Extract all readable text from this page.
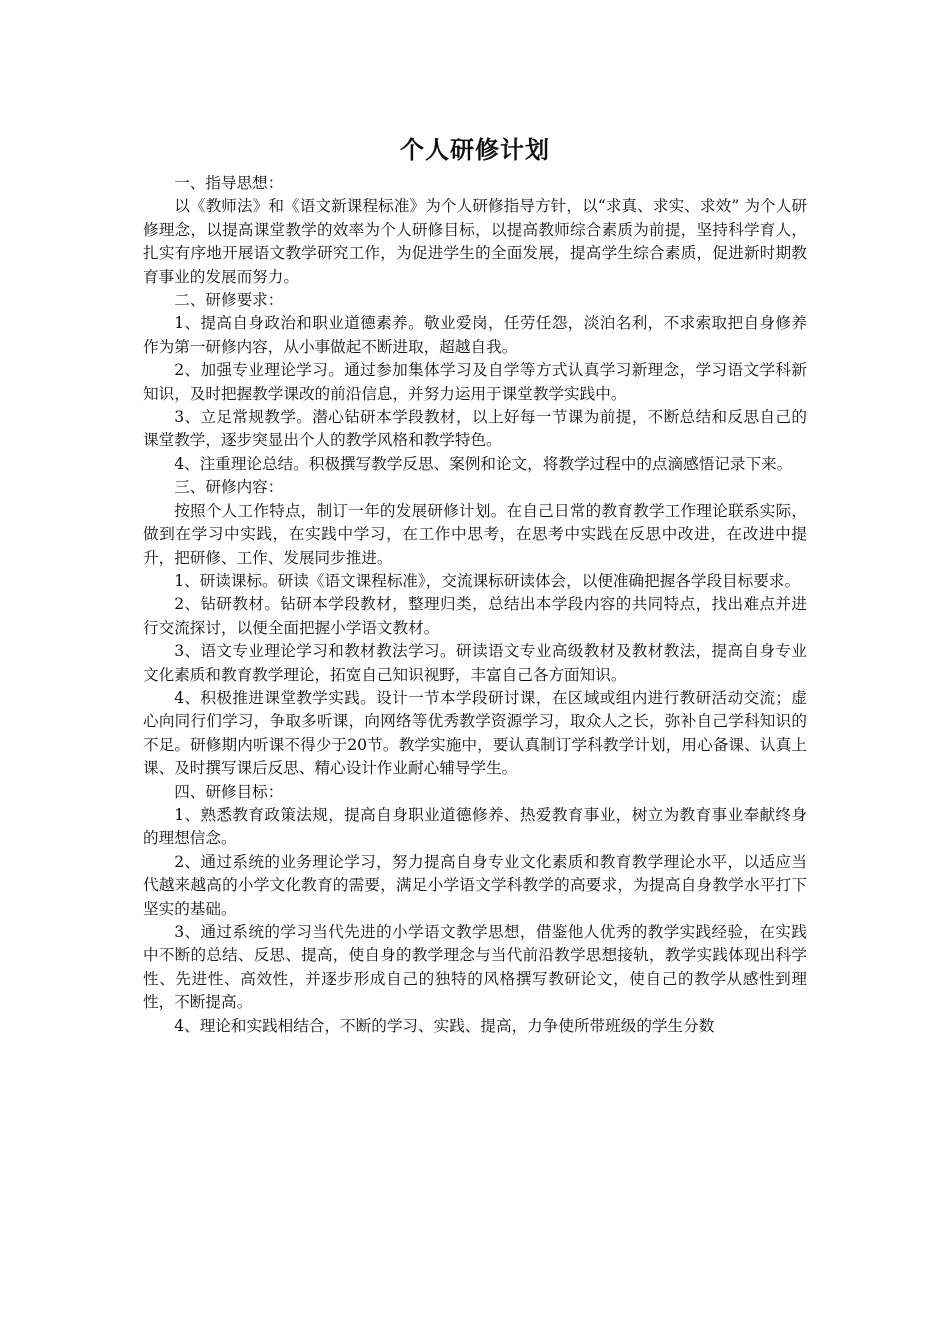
个人研修计划

一、指导思想：

以《教师法》和《语文新课程标准》为个人研修指导方针，以“求真、求实、求效” 为个人研修理念，以提高课堂教学的效率为个人研修目标，以提高教师综合素质为前提，坚持科学育人，扎实有序地开展语文教学研究工作，为促进学生的全面发展，提高学生综合素质，促进新时期教育事业的发展而努力。

二、研修要求：

1、提高自身政治和职业道德素养。敬业爱岗，任劳任怨，淡泊名利，不求索取把自身修养作为第一研修内容，从小事做起不断进取，超越自我。

2、加强专业理论学习。通过参加集体学习及自学等方式认真学习新理念，学习语文学科新知识，及时把握教学课改的前沿信息，并努力运用于课堂教学实践中。

3、立足常规教学。潜心钻研本学段教材，以上好每一节课为前提，不断总结和反思自己的课堂教学，逐步突显出个人的教学风格和教学特色。

4、注重理论总结。积极撰写教学反思、案例和论文，将教学过程中的点滴感悟记录下来。

三、研修内容：

按照个人工作特点，制订一年的发展研修计划。在自己日常的教育教学工作理论联系实际，做到在学习中实践，在实践中学习，在工作中思考，在思考中实践在反思中改进，在改进中提升，把研修、工作、发展同步推进。

1、研读课标。研读《语文课程标准》，交流课标研读体会，以便准确把握各学段目标要求。

2、钻研教材。钻研本学段教材，整理归类，总结出本学段内容的共同特点，找出难点并进行交流探讨，以便全面把握小学语文教材。

3、语文专业理论学习和教材教法学习。研读语文专业高级教材及教材教法，提高自身专业文化素质和教育教学理论，拓宽自己知识视野，丰富自己各方面知识。

4、积极推进课堂教学实践。设计一节本学段研讨课，在区域或组内进行教研活动交流；虚心向同行们学习，争取多听课，向网络等优秀教学资源学习，取众人之长，弥补自己学科知识的不足。研修期内听课不得少于20节。教学实施中，要认真制订学科教学计划，用心备课、认真上课、及时撰写课后反思、精心设计作业耐心辅导学生。

四、研修目标：

1、熟悉教育政策法规，提高自身职业道德修养、热爱教育事业，树立为教育事业奉献终身的理想信念。

2、通过系统的业务理论学习，努力提高自身专业文化素质和教育教学理论水平，以适应当代越来越高的小学文化教育的需要，满足小学语文学科教学的高要求，为提高自身教学水平打下坚实的基础。

3、通过系统的学习当代先进的小学语文教学思想，借鉴他人优秀的教学实践经验，在实践中不断的总结、反思、提高，使自身的教学理念与当代前沿教学思想接轨，教学实践体现出科学性、先进性、高效性，并逐步形成自己的独特的风格撰写教研论文，使自己的教学从感性到理性，不断提高。

4、理论和实践相结合，不断的学习、实践、提高，力争使所带班级的学生分数
